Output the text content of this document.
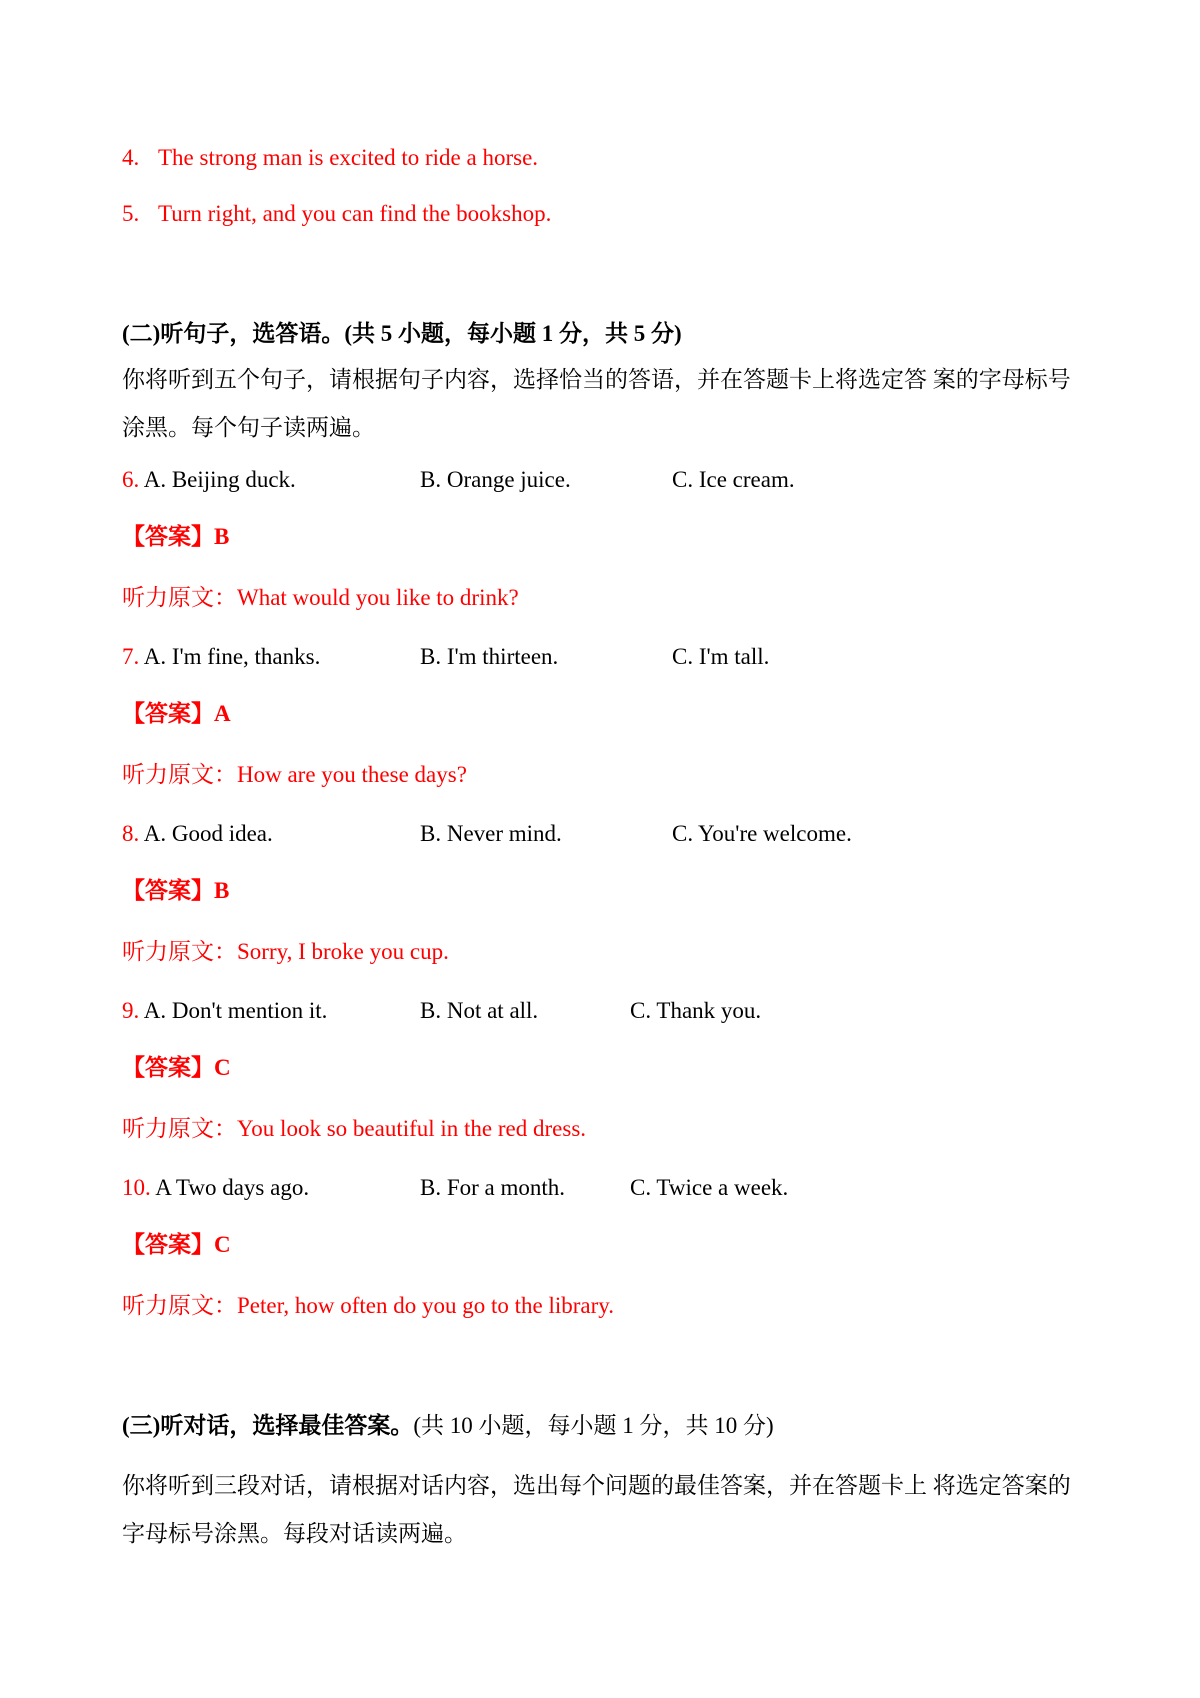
4. The strong man is excited to ride a horse.
5. Turn right, and you can find the bookshop.
(二)听句子，选答语。(共 5 小题，每小题 1 分，共 5 分)
你将听到五个句子，请根据句子内容，选择恰当的答语，并在答题卡上将选定答 案的字母标号涂黑。每个句子读两遍。
6. A. Beijing duck.	B. Orange juice.	C. Ice cream.
【答案】B
听力原文：What would you like to drink?
7. A. I'm fine, thanks.	B. I'm thirteen.	C. I'm tall.
【答案】A
听力原文：How are you these days?
8. A. Good idea.	B. Never mind.	C. You're welcome.
【答案】B
听力原文：Sorry, I broke you cup.
9. A. Don't mention it.	B. Not at all.	C. Thank you.
【答案】C
听力原文：You look so beautiful in the red dress.
10. A Two days ago.	B. For a month.	C. Twice a week.
【答案】C
听力原文：Peter, how often do you go to the library.
(三)听对话，选择最佳答案。(共 10 小题，每小题 1 分，共 10 分)
你将听到三段对话，请根据对话内容，选出每个问题的最佳答案，并在答题卡上 将选定答案的字母标号涂黑。每段对话读两遍。
